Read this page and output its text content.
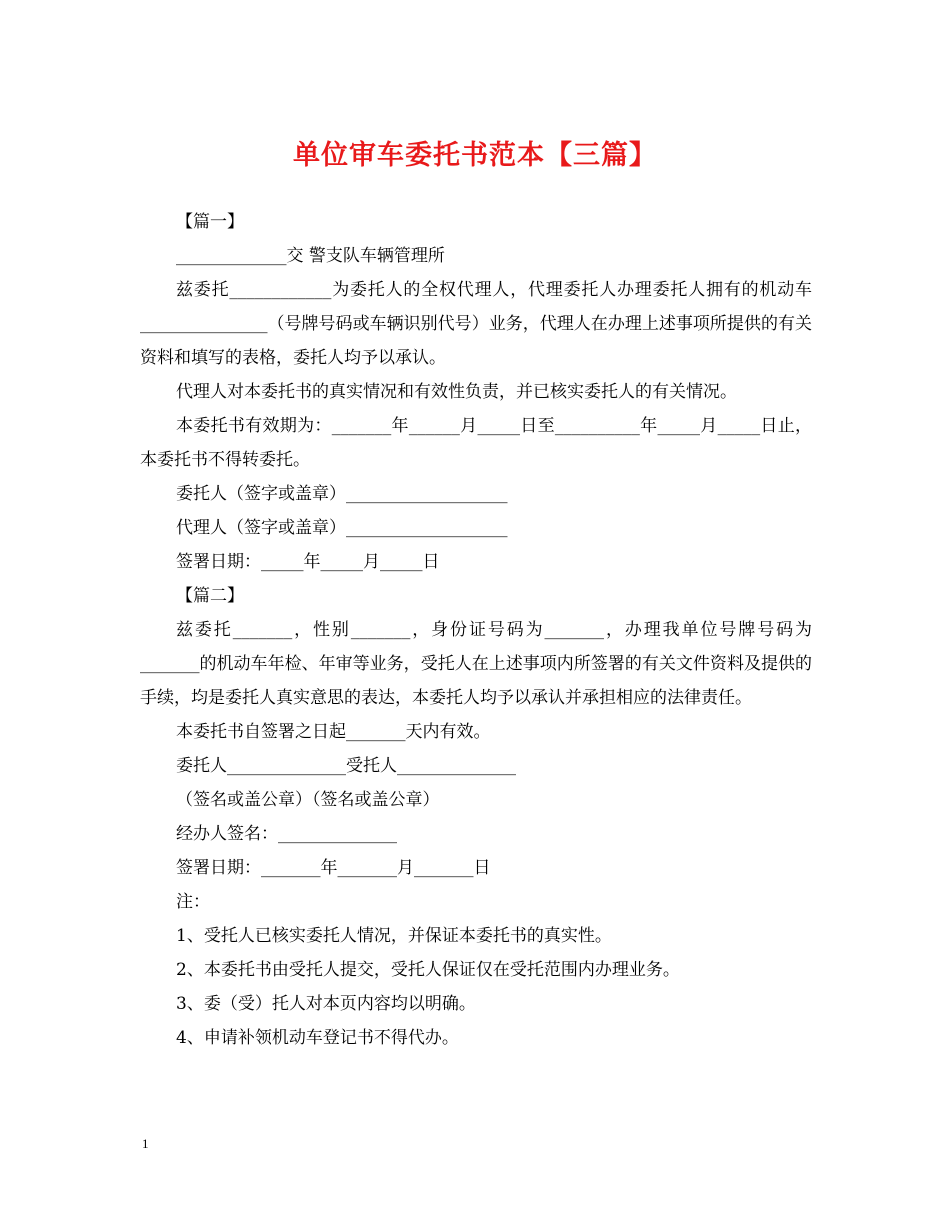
单位审车委托书范本【三篇】

【篇一】

_____________交 警支队车辆管理所

兹委托____________为委托人的全权代理人，代理委托人办理委托人拥有的机动车_______________（号牌号码或车辆识别代号）业务，代理人在办理上述事项所提供的有关资料和填写的表格，委托人均予以承认。

代理人对本委托书的真实情况和有效性负责，并已核实委托人的有关情况。

本委托书有效期为：_______年______月_____日至__________年_____月_____日止，本委托书不得转委托。

委托人（签字或盖章）___________________

代理人（签字或盖章）___________________

签署日期：_____年_____月_____日

【篇二】

兹委托_______，性别_______，身份证号码为_______，办理我单位号牌号码为_______的机动车年检、年审等业务，受托人在上述事项内所签署的有关文件资料及提供的手续，均是委托人真实意思的表达，本委托人均予以承认并承担相应的法律责任。

本委托书自签署之日起_______天内有效。

委托人______________受托人______________

（签名或盖公章）（签名或盖公章）

经办人签名：______________

签署日期：_______年_______月_______日

注：

1、受托人已核实委托人情况，并保证本委托书的真实性。

2、本委托书由受托人提交，受托人保证仅在受托范围内办理业务。

3、委（受）托人对本页内容均以明确。

4、申请补领机动车登记书不得代办。

1
